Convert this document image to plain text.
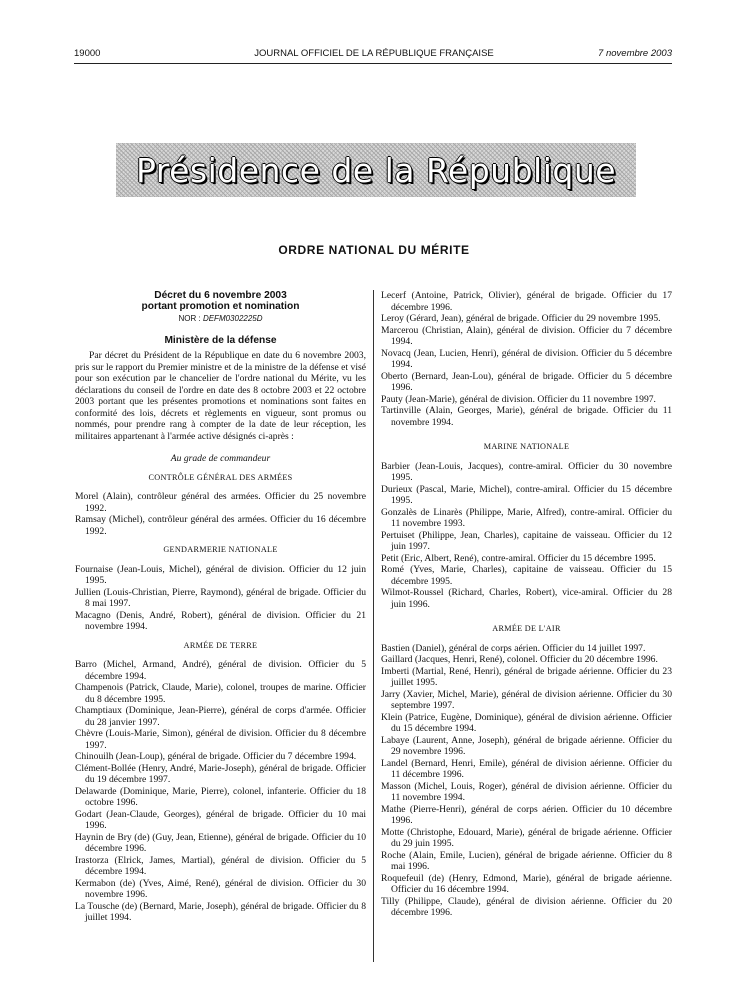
19000	JOURNAL OFFICIEL DE LA RÉPUBLIQUE FRANÇAISE	7 novembre 2003
Présidence de la République
ORDRE NATIONAL DU MÉRITE
Décret du 6 novembre 2003
portant promotion et nomination
NOR : DEFM0302225D
Ministère de la défense
Par décret du Président de la République en date du 6 novembre 2003, pris sur le rapport du Premier ministre et de la ministre de la défense et visé pour son exécution par le chancelier de l'ordre national du Mérite, vu les déclarations du conseil de l'ordre en date des 8 octobre 2003 et 22 octobre 2003 portant que les présentes promotions et nominations sont faites en conformité des lois, décrets et règlements en vigueur, sont promus ou nommés, pour prendre rang à compter de la date de leur réception, les militaires appartenant à l'armée active désignés ci-après :
Au grade de commandeur
CONTRÔLE GÉNÉRAL DES ARMÉES
Morel (Alain), contrôleur général des armées. Officier du 25 novembre 1992.
Ramsay (Michel), contrôleur général des armées. Officier du 16 décembre 1992.
GENDARMERIE NATIONALE
Fournaise (Jean-Louis, Michel), général de division. Officier du 12 juin 1995.
Jullien (Louis-Christian, Pierre, Raymond), général de brigade. Officier du 8 mai 1997.
Macagno (Denis, André, Robert), général de division. Officier du 21 novembre 1994.
ARMÉE DE TERRE
Barro (Michel, Armand, André), général de division. Officier du 5 décembre 1994.
Champenois (Patrick, Claude, Marie), colonel, troupes de marine. Officier du 8 décembre 1995.
Champtiaux (Dominique, Jean-Pierre), général de corps d'armée. Officier du 28 janvier 1997.
Chèvre (Louis-Marie, Simon), général de division. Officier du 8 décembre 1997.
Chinouilh (Jean-Loup), général de brigade. Officier du 7 décembre 1994.
Clément-Bollée (Henry, André, Marie-Joseph), général de brigade. Officier du 19 décembre 1997.
Delawarde (Dominique, Marie, Pierre), colonel, infanterie. Officier du 18 octobre 1996.
Godart (Jean-Claude, Georges), général de brigade. Officier du 10 mai 1996.
Haynin de Bry (de) (Guy, Jean, Etienne), général de brigade. Officier du 10 décembre 1996.
Irastorza (Elrick, James, Martial), général de division. Officier du 5 décembre 1994.
Kermabon (de) (Yves, Aimé, René), général de division. Officier du 30 novembre 1996.
La Tousche (de) (Bernard, Marie, Joseph), général de brigade. Officier du 8 juillet 1994.
Lecerf (Antoine, Patrick, Olivier), général de brigade. Officier du 17 décembre 1996.
Leroy (Gérard, Jean), général de brigade. Officier du 29 novembre 1995.
Marcerou (Christian, Alain), général de division. Officier du 7 décembre 1994.
Novacq (Jean, Lucien, Henri), général de division. Officier du 5 décembre 1994.
Oberto (Bernard, Jean-Lou), général de brigade. Officier du 5 décembre 1996.
Pauty (Jean-Marie), général de division. Officier du 11 novembre 1997.
Tartinville (Alain, Georges, Marie), général de brigade. Officier du 11 novembre 1994.
MARINE NATIONALE
Barbier (Jean-Louis, Jacques), contre-amiral. Officier du 30 novembre 1995.
Durieux (Pascal, Marie, Michel), contre-amiral. Officier du 15 décembre 1995.
Gonzalès de Linarès (Philippe, Marie, Alfred), contre-amiral. Officier du 11 novembre 1993.
Pertuiset (Philippe, Jean, Charles), capitaine de vaisseau. Officier du 12 juin 1997.
Petit (Eric, Albert, René), contre-amiral. Officier du 15 décembre 1995.
Romé (Yves, Marie, Charles), capitaine de vaisseau. Officier du 15 décembre 1995.
Wilmot-Roussel (Richard, Charles, Robert), vice-amiral. Officier du 28 juin 1996.
ARMÉE DE L'AIR
Bastien (Daniel), général de corps aérien. Officier du 14 juillet 1997.
Gaillard (Jacques, Henri, René), colonel. Officier du 20 décembre 1996.
Imberti (Martial, René, Henri), général de brigade aérienne. Officier du 23 juillet 1995.
Jarry (Xavier, Michel, Marie), général de division aérienne. Officier du 30 septembre 1997.
Klein (Patrice, Eugène, Dominique), général de division aérienne. Officier du 15 décembre 1994.
Labaye (Laurent, Anne, Joseph), général de brigade aérienne. Officier du 29 novembre 1996.
Landel (Bernard, Henri, Emile), général de division aérienne. Officier du 11 décembre 1996.
Masson (Michel, Louis, Roger), général de division aérienne. Officier du 11 novembre 1994.
Mathe (Pierre-Henri), général de corps aérien. Officier du 10 décembre 1996.
Motte (Christophe, Edouard, Marie), général de brigade aérienne. Officier du 29 juin 1995.
Roche (Alain, Emile, Lucien), général de brigade aérienne. Officier du 8 mai 1996.
Roquefeuil (de) (Henry, Edmond, Marie), général de brigade aérienne. Officier du 16 décembre 1994.
Tilly (Philippe, Claude), général de division aérienne. Officier du 20 décembre 1996.
